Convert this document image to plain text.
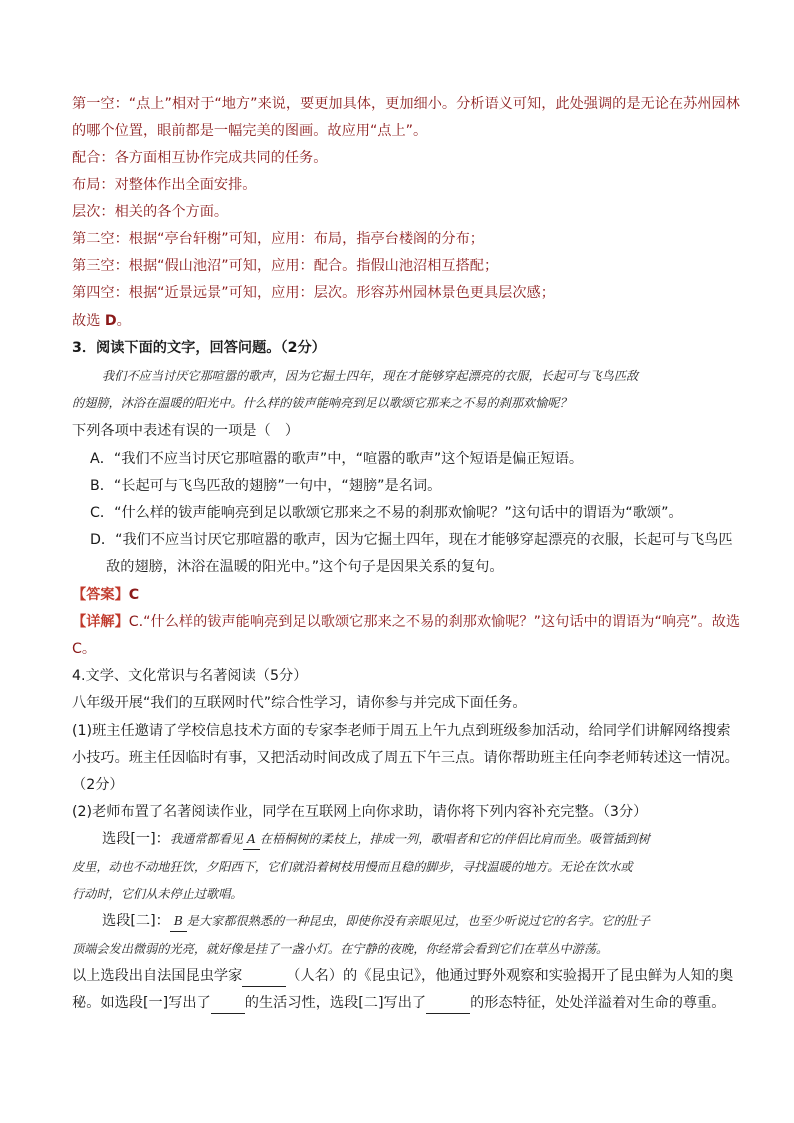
第一空：“点上”相对于“地方”来说，要更加具体，更加细小。分析语义可知，此处强调的是无论在苏州园林
的哪个位置，眼前都是一幅完美的图画。故应用“点上”。
配合：各方面相互协作完成共同的任务。
布局：对整体作出全面安排。
层次：相关的各个方面。
第二空：根据“亭台轩榭”可知，应用：布局，指亭台楼阁的分布；
第三空：根据“假山池沼”可知，应用：配合。指假山池沼相互搭配；
第四空：根据“近景远景”可知，应用：层次。形容苏州园林景色更具层次感；
故选 D。
3．阅读下面的文字，回答问题。（2分）
我们不应当讨厌它那喧嚣的歌声，因为它掘土四年，现在才能够穿起漂亮的衣服，长起可与飞鸟匹敌
的翅膀，沐浴在温暖的阳光中。什么样的钹声能响亮到足以歌颂它那来之不易的刹那欢愉呢？
下列各项中表述有误的一项是（　）
A．“我们不应当讨厌它那喧嚣的歌声”中，“喧嚣的歌声”这个短语是偏正短语。
B．“长起可与飞鸟匹敌的翅膀”一句中，“翅膀”是名词。
C．“什么样的钹声能响亮到足以歌颂它那来之不易的刹那欢愉呢？”这句话中的谓语为“歌颂”。
D．“我们不应当讨厌它那喧嚣的歌声，因为它掘土四年，现在才能够穿起漂亮的衣服，长起可与飞鸟匹
敌的翅膀，沐浴在温暖的阳光中。”这个句子是因果关系的复句。
【答案】C
【详解】C.“什么样的钹声能响亮到足以歌颂它那来之不易的刹那欢愉呢？”这句话中的谓语为“响亮”。故选
C。
4.文学、文化常识与名著阅读（5分）
八年级开展“我们的互联网时代”综合性学习，请你参与并完成下面任务。
(1)班主任邀请了学校信息技术方面的专家李老师于周五上午九点到班级参加活动，给同学们讲解网络搜索
小技巧。班主任因临时有事，又把活动时间改成了周五下午三点。请你帮助班主任向李老师转述这一情况。
（2分）
(2)老师布置了名著阅读作业，同学在互联网上向你求助，请你将下列内容补充完整。（3分）
选段[一]：我通常都看见 A 在梧桐树的柔枝上，排成一列，歌唱者和它的伴侣比肩而坐。吸管插到树
皮里，动也不动地狂饮，夕阳西下，它们就沿着树枝用慢而且稳的脚步，寻找温暖的地方。无论在饮水或
行动时，它们从未停止过歌唱。
选段[二]： B 是大家都很熟悉的一种昆虫，即使你没有亲眼见过，也至少听说过它的名字。它的肚子
顶端会发出微弱的光亮，就好像是挂了一盏小灯。在宁静的夜晚，你经常会看到它们在草丛中游荡。
以上选段出自法国昆虫学家	（人名）的《昆虫记》，他通过野外观察和实验揭开了昆虫鲜为人知的奥
秘。如选段[一]写出了 的生活习性，选段[二]写出了	的形态特征，处处洋溢着对生命的尊重。
